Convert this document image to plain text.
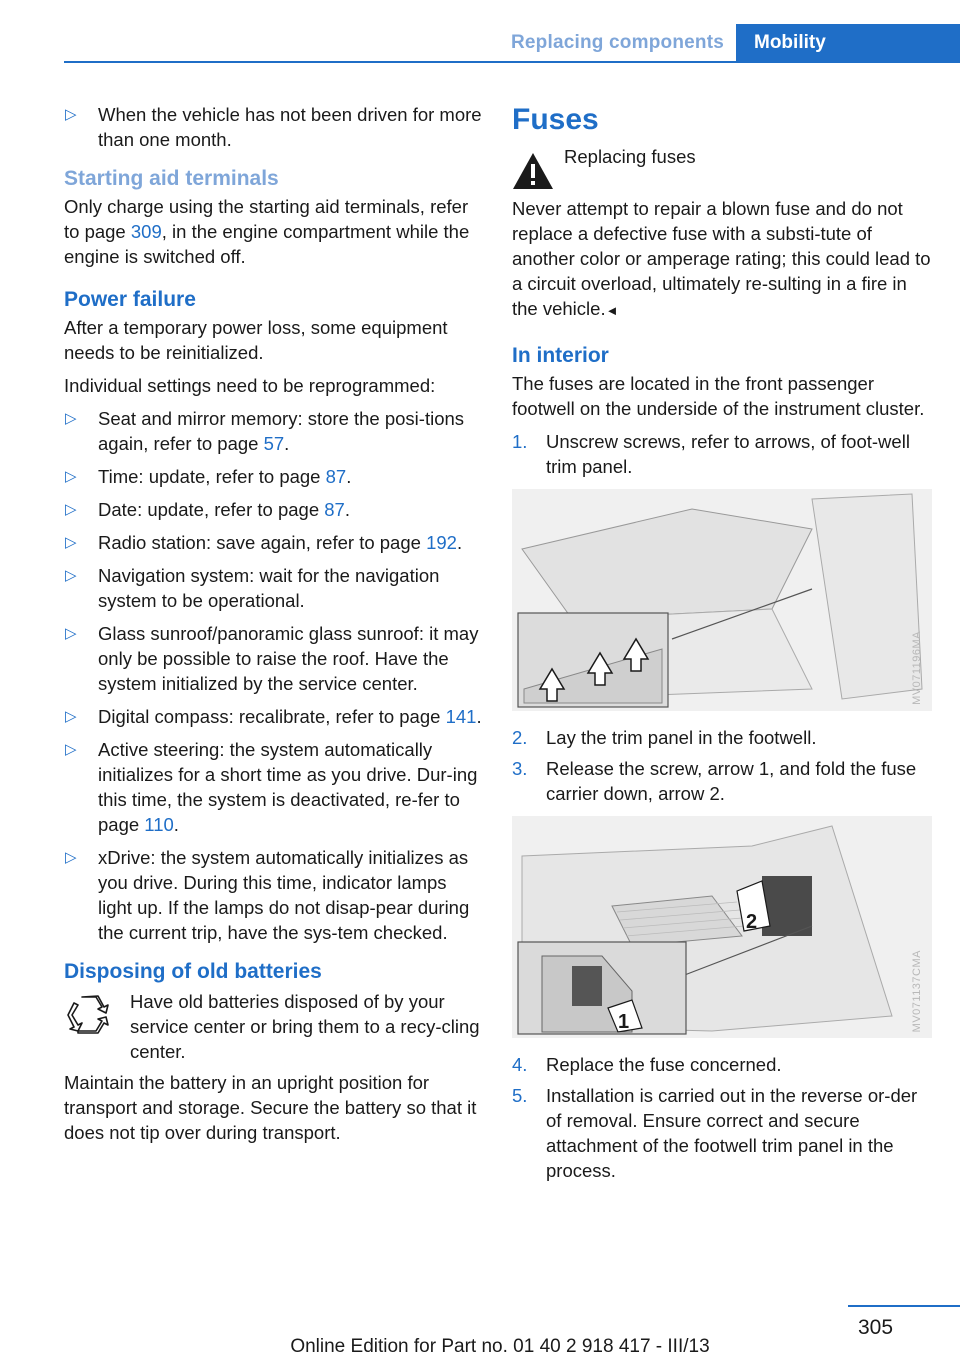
Replacing components	Mobility
▷ When the vehicle has not been driven for more than one month.
Starting aid terminals

Only charge using the starting aid terminals, refer to page 309, in the engine compartment while the engine is switched off.

Power failure

After a temporary power loss, some equipment needs to be reinitialized.

Individual settings need to be reprogrammed:

▷ Seat and mirror memory: store the posi‐tions again, refer to page 57.
▷ Time: update, refer to page 87.
▷ Date: update, refer to page 87.
▷ Radio station: save again, refer to page 192.
▷ Navigation system: wait for the navigation system to be operational.
▷ Glass sunroof/panoramic glass sunroof: it may only be possible to raise the roof. Have the system initialized by the service center.
▷ Digital compass: recalibrate, refer to page 141.
▷ Active steering: the system automatically initializes for a short time as you drive. Dur‐ing this time, the system is deactivated, re‐fer to page 110.
▷ xDrive: the system automatically initializes as you drive. During this time, indicator lamps light up. If the lamps do not disap‐pear during the current trip, have the sys‐tem checked.
Disposing of old batteries
Have old batteries disposed of by your service center or bring them to a recy‐cling center.

Maintain the battery in an upright position for transport and storage. Secure the battery so that it does not tip over during transport.

Fuses
Replacing fuses

Never attempt to repair a blown fuse and do not replace a defective fuse with a substi‐tute of another color or amperage rating; this could lead to a circuit overload, ultimately re‐sulting in a fire in the vehicle.◄

In interior

The fuses are located in the front passenger footwell on the underside of the instrument cluster.

1. Unscrew screws, refer to arrows, of foot‐well trim panel.
MV071196MA
2. Lay the trim panel in the footwell.
3. Release the screw, arrow 1, and fold the fuse carrier down, arrow 2.
2
1	MV071137CMA
4. Replace the fuse concerned.
5. Installation is carried out in the reverse or‐der of removal. Ensure correct and secure attachment of the footwell trim panel in the process.
305
Online Edition for Part no. 01 40 2 918 417 - III/13
